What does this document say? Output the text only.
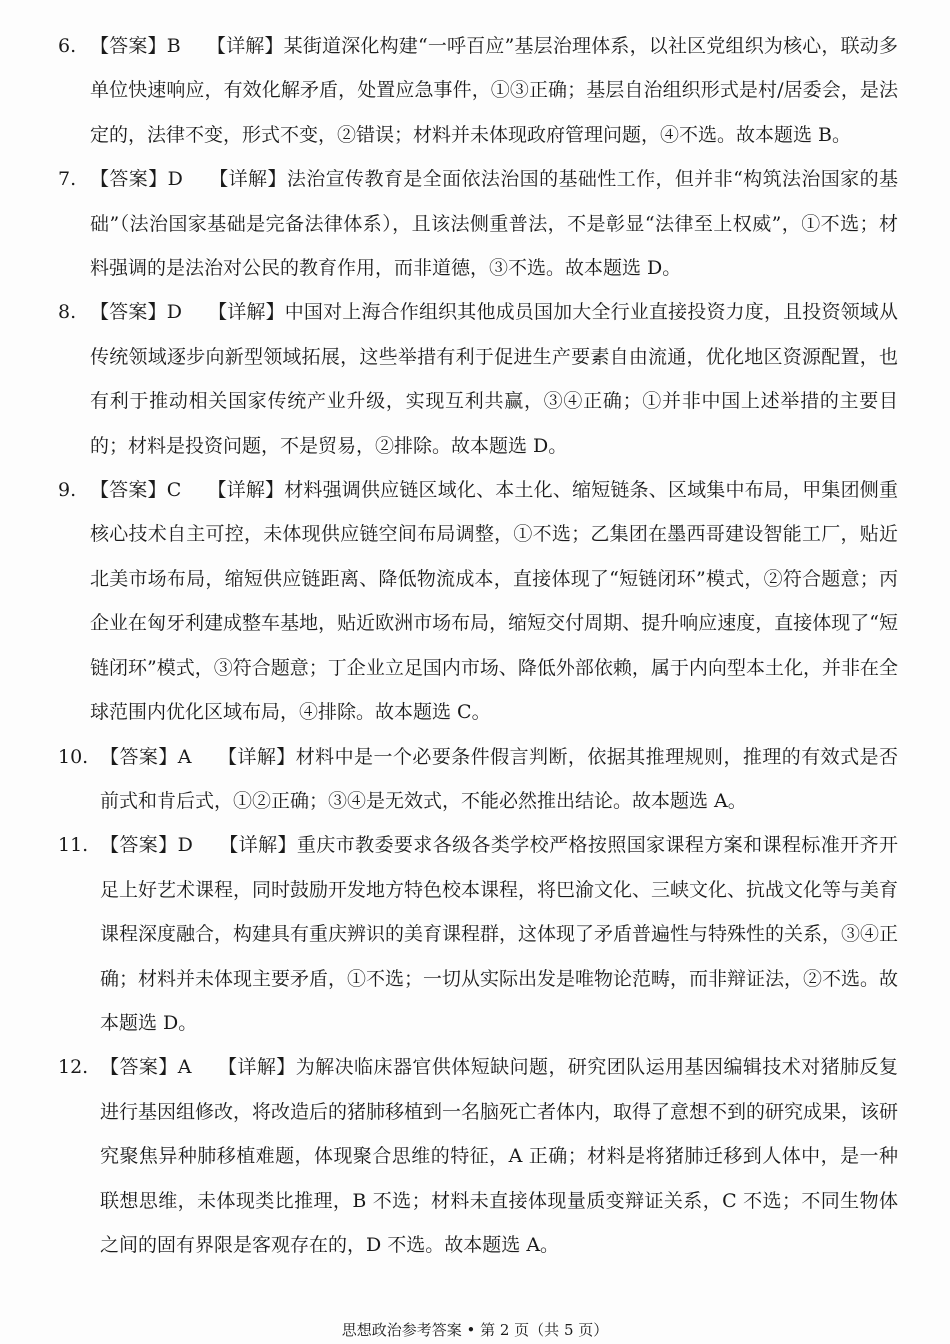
6. 【答案】B 【详解】某街道深化构建“一呼百应”基层治理体系，以社区党组织为核心，联动多单位快速响应，有效化解矛盾，处置应急事件，①③正确；基层自治组织形式是村/居委会，是法定的，法律不变，形式不变，②错误；材料并未体现政府管理问题，④不选。故本题选 B。

7. 【答案】D 【详解】法治宣传教育是全面依法治国的基础性工作，但并非“构筑法治国家的基础”（法治国家基础是完备法律体系），且该法侧重普法，不是彰显“法律至上权威”，①不选；材料强调的是法治对公民的教育作用，而非道德，③不选。故本题选 D。

8. 【答案】D 【详解】中国对上海合作组织其他成员国加大全行业直接投资力度，且投资领域从传统领域逐步向新型领域拓展，这些举措有利于促进生产要素自由流通，优化地区资源配置，也有利于推动相关国家传统产业升级，实现互利共赢，③④正确；①并非中国上述举措的主要目的；材料是投资问题，不是贸易，②排除。故本题选 D。

9. 【答案】C 【详解】材料强调供应链区域化、本土化、缩短链条、区域集中布局，甲集团侧重核心技术自主可控，未体现供应链空间布局调整，①不选；乙集团在墨西哥建设智能工厂，贴近北美市场布局，缩短供应链距离、降低物流成本，直接体现了“短链闭环”模式，②符合题意；丙企业在匈牙利建成整车基地，贴近欧洲市场布局，缩短交付周期、提升响应速度，直接体现了“短链闭环”模式，③符合题意；丁企业立足国内市场、降低外部依赖，属于内向型本土化，并非在全球范围内优化区域布局，④排除。故本题选 C。

10. 【答案】A 【详解】材料中是一个必要条件假言判断，依据其推理规则，推理的有效式是否前式和肯后式，①②正确；③④是无效式，不能必然推出结论。故本题选 A。

11. 【答案】D 【详解】重庆市教委要求各级各类学校严格按照国家课程方案和课程标准开齐开足上好艺术课程，同时鼓励开发地方特色校本课程，将巴渝文化、三峡文化、抗战文化等与美育课程深度融合，构建具有重庆辨识的美育课程群，这体现了矛盾普遍性与特殊性的关系，③④正确；材料并未体现主要矛盾，①不选；一切从实际出发是唯物论范畴，而非辩证法，②不选。故本题选 D。

12. 【答案】A 【详解】为解决临床器官供体短缺问题，研究团队运用基因编辑技术对猪肺反复进行基因组修改，将改造后的猪肺移植到一名脑死亡者体内，取得了意想不到的研究成果，该研究聚焦异种肺移植难题，体现聚合思维的特征，A 正确；材料是将猪肺迁移到人体中，是一种联想思维，未体现类比推理，B 不选；材料未直接体现量质变辩证关系，C 不选；不同生物体之间的固有界限是客观存在的，D 不选。故本题选 A。

思想政治参考答案 • 第 2 页（共 5 页）
